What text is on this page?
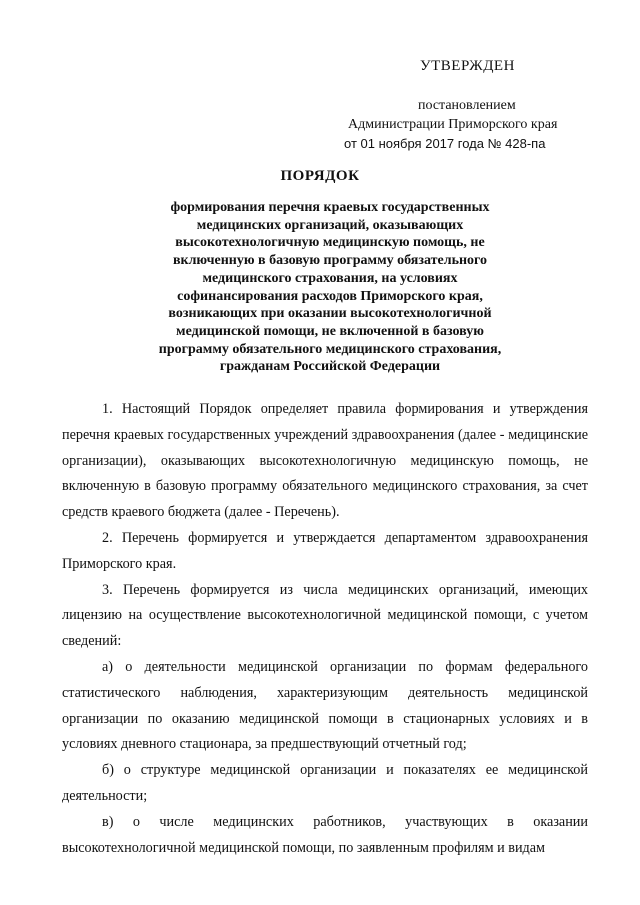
УТВЕРЖДЕН
постановлением
Администрации Приморского края
от 01 ноября 2017 года № 428-па
ПОРЯДОК
формирования перечня краевых государственных
медицинских организаций, оказывающих
высокотехнологичную медицинскую помощь, не
включенную в базовую программу обязательного
медицинского страхования, на условиях
софинансирования расходов Приморского края,
возникающих при оказании высокотехнологичной
медицинской помощи, не включенной в базовую
программу обязательного медицинского страхования,
гражданам Российской Федерации

1. Настоящий Порядок определяет правила формирования и утверждения перечня краевых государственных учреждений здравоохранения (далее - медицинские организации), оказывающих высокотехнологичную медицинскую помощь, не включенную в базовую программу обязательного медицинского страхования, за счет средств краевого бюджета (далее - Перечень).

2. Перечень формируется и утверждается департаментом здравоохранения Приморского края.

3. Перечень формируется из числа медицинских организаций, имеющих лицензию на осуществление высокотехнологичной медицинской помощи, с учетом сведений:

а) о деятельности медицинской организации по формам федерального статистического наблюдения, характеризующим деятельность медицинской организации по оказанию медицинской помощи в стационарных условиях и в условиях дневного стационара, за предшествующий отчетный год;

б) о структуре медицинской организации и показателях ее медицинской деятельности;

в) о числе медицинских работников, участвующих в оказании высокотехнологичной медицинской помощи, по заявленным профилям и видам
